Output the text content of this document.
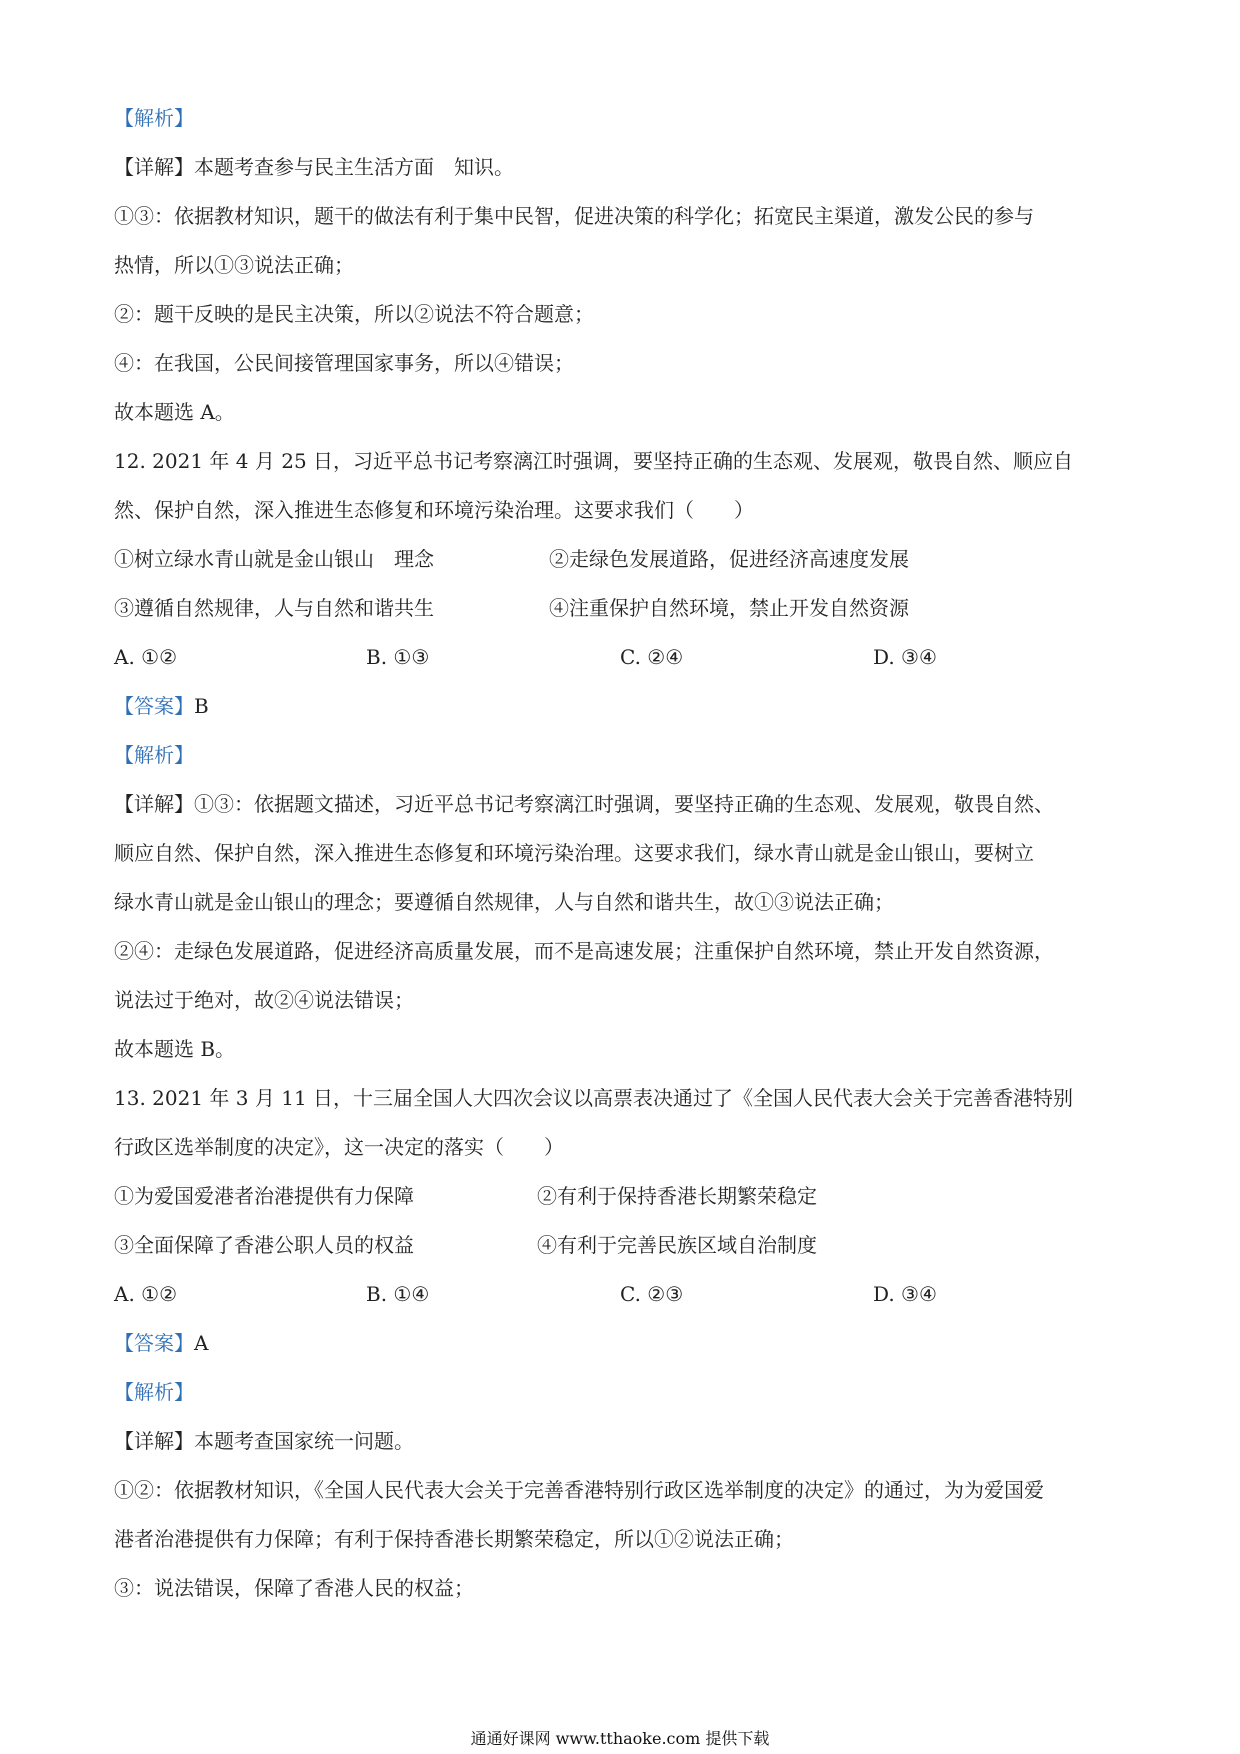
【解析】

【详解】本题考查参与民主生活方面　知识。

①③：依据教材知识，题干的做法有利于集中民智，促进决策的科学化；拓宽民主渠道，激发公民的参与

热情，所以①③说法正确；

②：题干反映的是民主决策，所以②说法不符合题意；

④：在我国，公民间接管理国家事务，所以④错误；

故本题选 A。

12. 2021 年 4 月 25 日，习近平总书记考察漓江时强调，要坚持正确的生态观、发展观，敬畏自然、顺应自

然、保护自然，深入推进生态修复和环境污染治理。这要求我们（　　）

①树立绿水青山就是金山银山　理念	②走绿色发展道路，促进经济高速度发展
③遵循自然规律，人与自然和谐共生	④注重保护自然环境，禁止开发自然资源
A. ①②	B. ①③	C. ②④	D. ③④

【答案】B

【解析】

【详解】①③：依据题文描述，习近平总书记考察漓江时强调，要坚持正确的生态观、发展观，敬畏自然、

顺应自然、保护自然，深入推进生态修复和环境污染治理。这要求我们，绿水青山就是金山银山，要树立

绿水青山就是金山银山的理念；要遵循自然规律，人与自然和谐共生，故①③说法正确；

②④：走绿色发展道路，促进经济高质量发展，而不是高速发展；注重保护自然环境，禁止开发自然资源，

说法过于绝对，故②④说法错误；

故本题选 B。

13. 2021 年 3 月 11 日，十三届全国人大四次会议以高票表决通过了《全国人民代表大会关于完善香港特别

行政区选举制度的决定》，这一决定的落实（　　）

①为爱国爱港者治港提供有力保障	②有利于保持香港长期繁荣稳定
③全面保障了香港公职人员的权益	④有利于完善民族区域自治制度
A. ①②	B. ①④	C. ②③	D. ③④

【答案】A

【解析】

【详解】本题考查国家统一问题。

①②：依据教材知识，《全国人民代表大会关于完善香港特别行政区选举制度的决定》的通过，为为爱国爱

港者治港提供有力保障；有利于保持香港长期繁荣稳定，所以①②说法正确；

③：说法错误，保障了香港人民的权益；

通通好课网 www.tthaoke.com 提供下载
